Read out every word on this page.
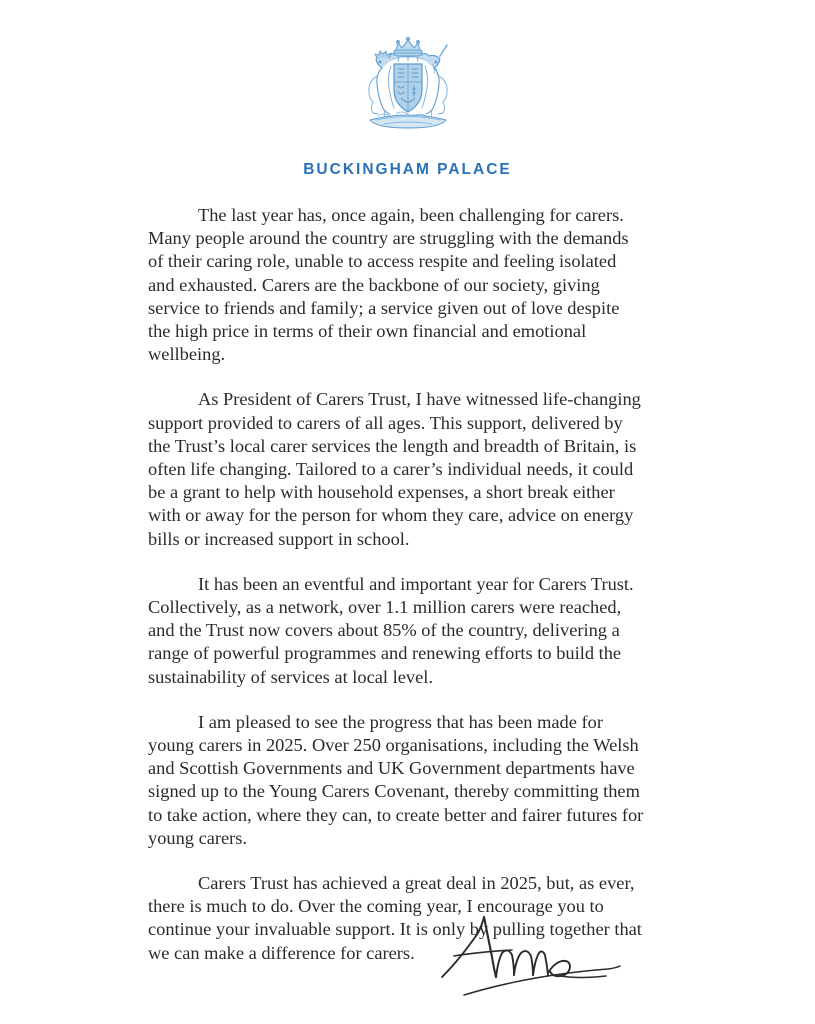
BUCKINGHAM PALACE

The last year has, once again, been challenging for carers. Many people around the country are struggling with the demands of their caring role, unable to access respite and feeling isolated and exhausted. Carers are the backbone of our society, giving service to friends and family; a service given out of love despite the high price in terms of their own financial and emotional wellbeing.

As President of Carers Trust, I have witnessed life-changing support provided to carers of all ages. This support, delivered by the Trust’s local carer services the length and breadth of Britain, is often life changing. Tailored to a carer’s individual needs, it could be a grant to help with household expenses, a short break either with or away for the person for whom they care, advice on energy bills or increased support in school.

It has been an eventful and important year for Carers Trust. Collectively, as a network, over 1.1 million carers were reached, and the Trust now covers about 85% of the country, delivering a range of powerful programmes and renewing efforts to build the sustainability of services at local level.

I am pleased to see the progress that has been made for young carers in 2025. Over 250 organisations, including the Welsh and Scottish Governments and UK Government departments have signed up to the Young Carers Covenant, thereby committing them to take action, where they can, to create better and fairer futures for young carers.

Carers Trust has achieved a great deal in 2025, but, as ever, there is much to do. Over the coming year, I encourage you to continue your invaluable support. It is only by pulling together that we can make a difference for carers.
